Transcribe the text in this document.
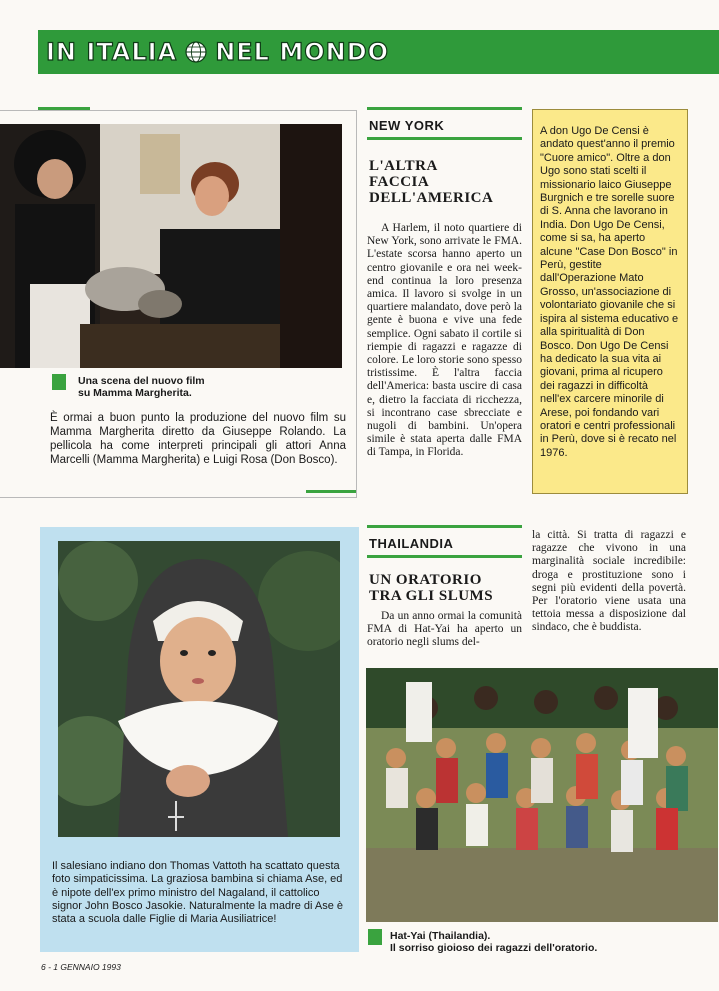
IN ITALIA NEL MONDO
Una scena del nuovo film
su Mamma Margherita.
È ormai a buon punto la produzione del nuovo film su Mamma Margherita diretto da Giuseppe Rolando. La pellicola ha come interpreti principali gli attori Anna Marcelli (Mamma Margherita) e Luigi Rosa (Don Bosco).
NEW YORK
L'ALTRA
FACCIA
DELL'AMERICA
A Harlem, il noto quartiere di New York, sono arrivate le FMA. L'estate scorsa hanno aperto un centro giovanile e ora nei week-end continua la loro presenza amica. Il lavoro si svolge in un quartiere malandato, dove però la gente è buona e vive una fede semplice. Ogni sabato il cortile si riempie di ragazzi e ragazze di colore. Le loro storie sono spesso tristissime. È l'altra faccia dell'America: basta uscire di casa e, dietro la facciata di ricchezza, si incontrano case sbrecciate e nugoli di bambini. Un'opera simile è stata aperta dalle FMA di Tampa, in Florida.
A don Ugo De Censi è andato quest'anno il premio "Cuore amico". Oltre a don Ugo sono stati scelti il missionario laico Giuseppe Burgnich e tre sorelle suore di S. Anna che lavorano in India. Don Ugo De Censi, come si sa, ha aperto alcune "Case Don Bosco" in Perù, gestite dall'Operazione Mato Grosso, un'associazione di volontariato giovanile che si ispira al sistema educativo e alla spiritualità di Don Bosco. Don Ugo De Censi ha dedicato la sua vita ai giovani, prima al ricupero dei ragazzi in difficoltà nell'ex carcere minorile di Arese, poi fondando vari oratori e centri professionali in Perù, dove si è recato nel 1976.
Il salesiano indiano don Thomas Vattoth ha scattato questa foto simpaticissima. La graziosa bambina si chiama Ase, ed è nipote dell'ex primo ministro del Nagaland, il cattolico signor John Bosco Jasokie. Naturalmente la madre di Ase è stata a scuola dalle Figlie di Maria Ausiliatrice!
THAILANDIA
UN ORATORIO
TRA GLI SLUMS
Da un anno ormai la comunità FMA di Hat-Yai ha aperto un oratorio negli slums del-
la città. Si tratta di ragazzi e ragazze che vivono in una marginalità sociale incredibile: droga e prostituzione sono i segni più evidenti della povertà. Per l'oratorio viene usata una tettoia messa a disposizione dal sindaco, che è buddista.
Hat-Yai (Thailandia).
Il sorriso gioioso dei ragazzi dell'oratorio.
6 - 1 GENNAIO 1993
